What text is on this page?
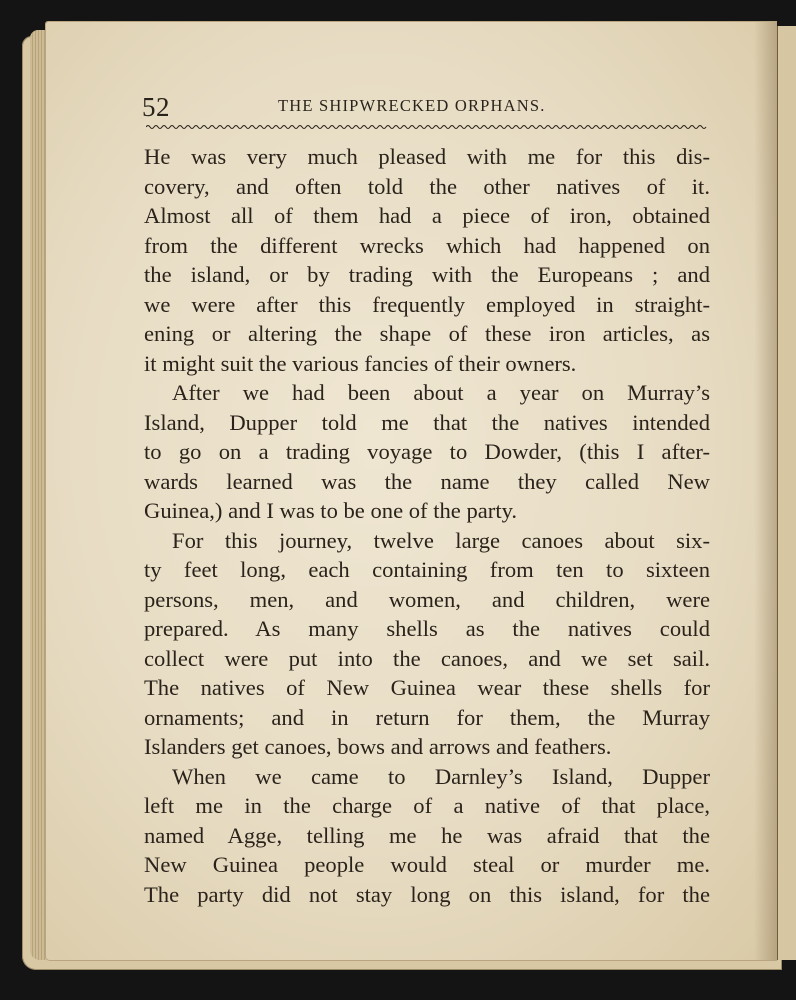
52	THE SHIPWRECKED ORPHANS.
He was very much pleased with me for this dis-
covery, and often told the other natives of it.
Almost all of them had a piece of iron, obtained
from the different wrecks which had happened on
the island, or by trading with the Europeans ; and
we were after this frequently employed in straight-
ening or altering the shape of these iron articles, as
it might suit the various fancies of their owners.
After we had been about a year on Murray’s
Island, Dupper told me that the natives intended
to go on a trading voyage to Dowder, (this I after-
wards learned was the name they called New
Guinea,) and I was to be one of the party.
For this journey, twelve large canoes about six-
ty feet long, each containing from ten to sixteen
persons, men, and women, and children, were
prepared. As many shells as the natives could
collect were put into the canoes, and we set sail.
The natives of New Guinea wear these shells for
ornaments; and in return for them, the Murray
Islanders get canoes, bows and arrows and feathers.
When we came to Darnley’s Island, Dupper
left me in the charge of a native of that place,
named Agge, telling me he was afraid that the
New Guinea people would steal or murder me.
The party did not stay long on this island, for the
